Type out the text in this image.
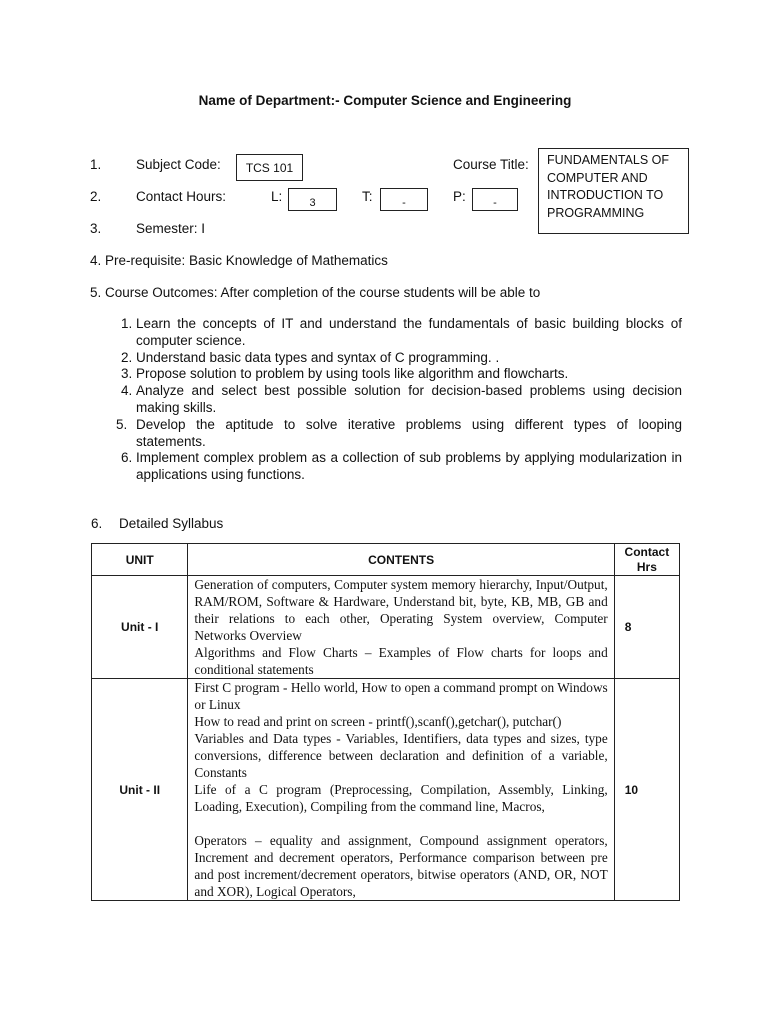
Name of Department:- Computer Science and Engineering
1.	Subject Code: TCS 101	Course Title: FUNDAMENTALS OF
COMPUTER AND
INTRODUCTION TO
PROGRAMMING
2.	Contact Hours:	L: 3	T:	-	P: -
3.	Semester: I
4. Pre-requisite: Basic Knowledge of Mathematics
5. Course Outcomes: After completion of the course students will be able to
1. Learn the concepts of IT and understand the fundamentals of basic building blocks of computer science.
2. Understand basic data types and syntax of C programming. .
3. Propose solution to problem by using tools like algorithm and flowcharts.
4. Analyze and select best possible solution for decision-based problems using decision making skills.
5. Develop the aptitude to solve iterative problems using different types of looping statements.
6. Implement complex problem as a collection of sub problems by applying modularization in applications using functions.
6. Detailed Syllabus
UNIT	CONTENTS	Contact
Hrs

Unit - I	Generation of computers, Computer system memory hierarchy, Input/Output, RAM/ROM, Software & Hardware, Understand bit, byte, KB, MB, GB and their relations to each other, Operating System overview, Computer Networks Overview

Algorithms and Flow Charts – Examples of Flow charts for loops and conditional statements	8
Unit - II	First C program - Hello world, How to open a command prompt on Windows or Linux

How to read and print on screen - printf(),scanf(),getchar(), putchar()

Variables and Data types - Variables, Identifiers, data types and sizes, type conversions, difference between declaration and definition of a variable, Constants

Life of a C program (Preprocessing, Compilation, Assembly, Linking, Loading, Execution), Compiling from the command line, Macros,

Operators – equality and assignment, Compound assignment operators, Increment and decrement operators, Performance comparison between pre and post increment/decrement operators, bitwise operators (AND, OR, NOT and XOR), Logical Operators,	10
